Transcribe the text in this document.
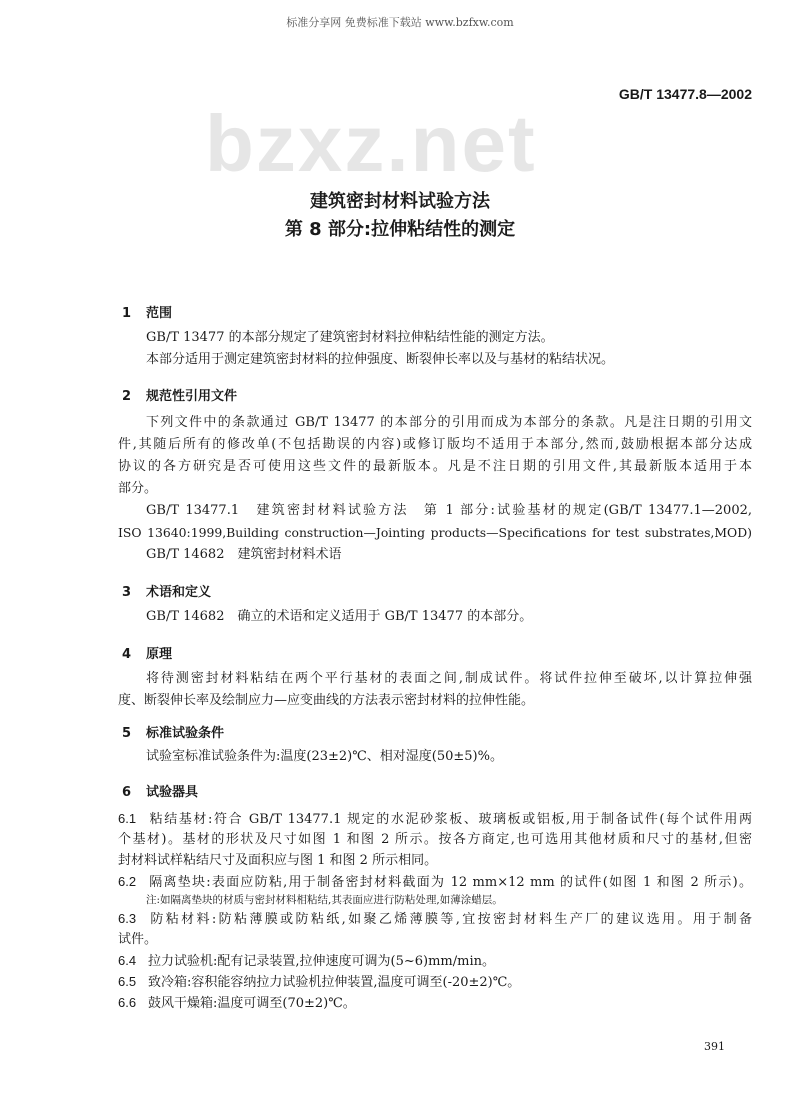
标准分享网 免费标准下载站 www.bzfxw.com
GB/T 13477.8—2002
bzxz.net
建筑密封材料试验方法
第 8 部分:拉伸粘结性的测定
1 范围
GB/T 13477 的本部分规定了建筑密封材料拉伸粘结性能的测定方法。
本部分适用于测定建筑密封材料的拉伸强度、断裂伸长率以及与基材的粘结状况。
2 规范性引用文件
下列文件中的条款通过 GB/T 13477 的本部分的引用而成为本部分的条款。凡是注日期的引用文
件,其随后所有的修改单(不包括勘误的内容)或修订版均不适用于本部分,然而,鼓励根据本部分达成
协议的各方研究是否可使用这些文件的最新版本。凡是不注日期的引用文件,其最新版本适用于本
部分。
GB/T 13477.1　建筑密封材料试验方法　第 1 部分:试验基材的规定(GB/T 13477.1—2002,
ISO 13640:1999,Building construction—Jointing products—Specifications for test substrates,MOD)
GB/T 14682　建筑密封材料术语
3 术语和定义
GB/T 14682　确立的术语和定义适用于 GB/T 13477 的本部分。
4 原理
将待测密封材料粘结在两个平行基材的表面之间,制成试件。将试件拉伸至破坏,以计算拉伸强
度、断裂伸长率及绘制应力—应变曲线的方法表示密封材料的拉伸性能。
5 标准试验条件
试验室标准试验条件为:温度(23±2)℃、相对湿度(50±5)%。
6 试验器具
6.1 粘结基材:符合 GB/T 13477.1 规定的水泥砂浆板、玻璃板或铝板,用于制备试件(每个试件用两
个基材)。基材的形状及尺寸如图 1 和图 2 所示。按各方商定,也可选用其他材质和尺寸的基材,但密
封材料试样粘结尺寸及面积应与图 1 和图 2 所示相同。
6.2 隔离垫块:表面应防粘,用于制备密封材料截面为 12 mm×12 mm 的试件(如图 1 和图 2 所示)。
注:如隔离垫块的材质与密封材料相粘结,其表面应进行防粘处理,如薄涂蜡层。
6.3 防粘材料:防粘薄膜或防粘纸,如聚乙烯薄膜等,宜按密封材料生产厂的建议选用。用于制备
试件。
6.4 拉力试验机:配有记录装置,拉伸速度可调为(5~6)mm/min。
6.5 致冷箱:容积能容纳拉力试验机拉伸装置,温度可调至(-20±2)℃。
6.6 鼓风干燥箱:温度可调至(70±2)℃。
391
